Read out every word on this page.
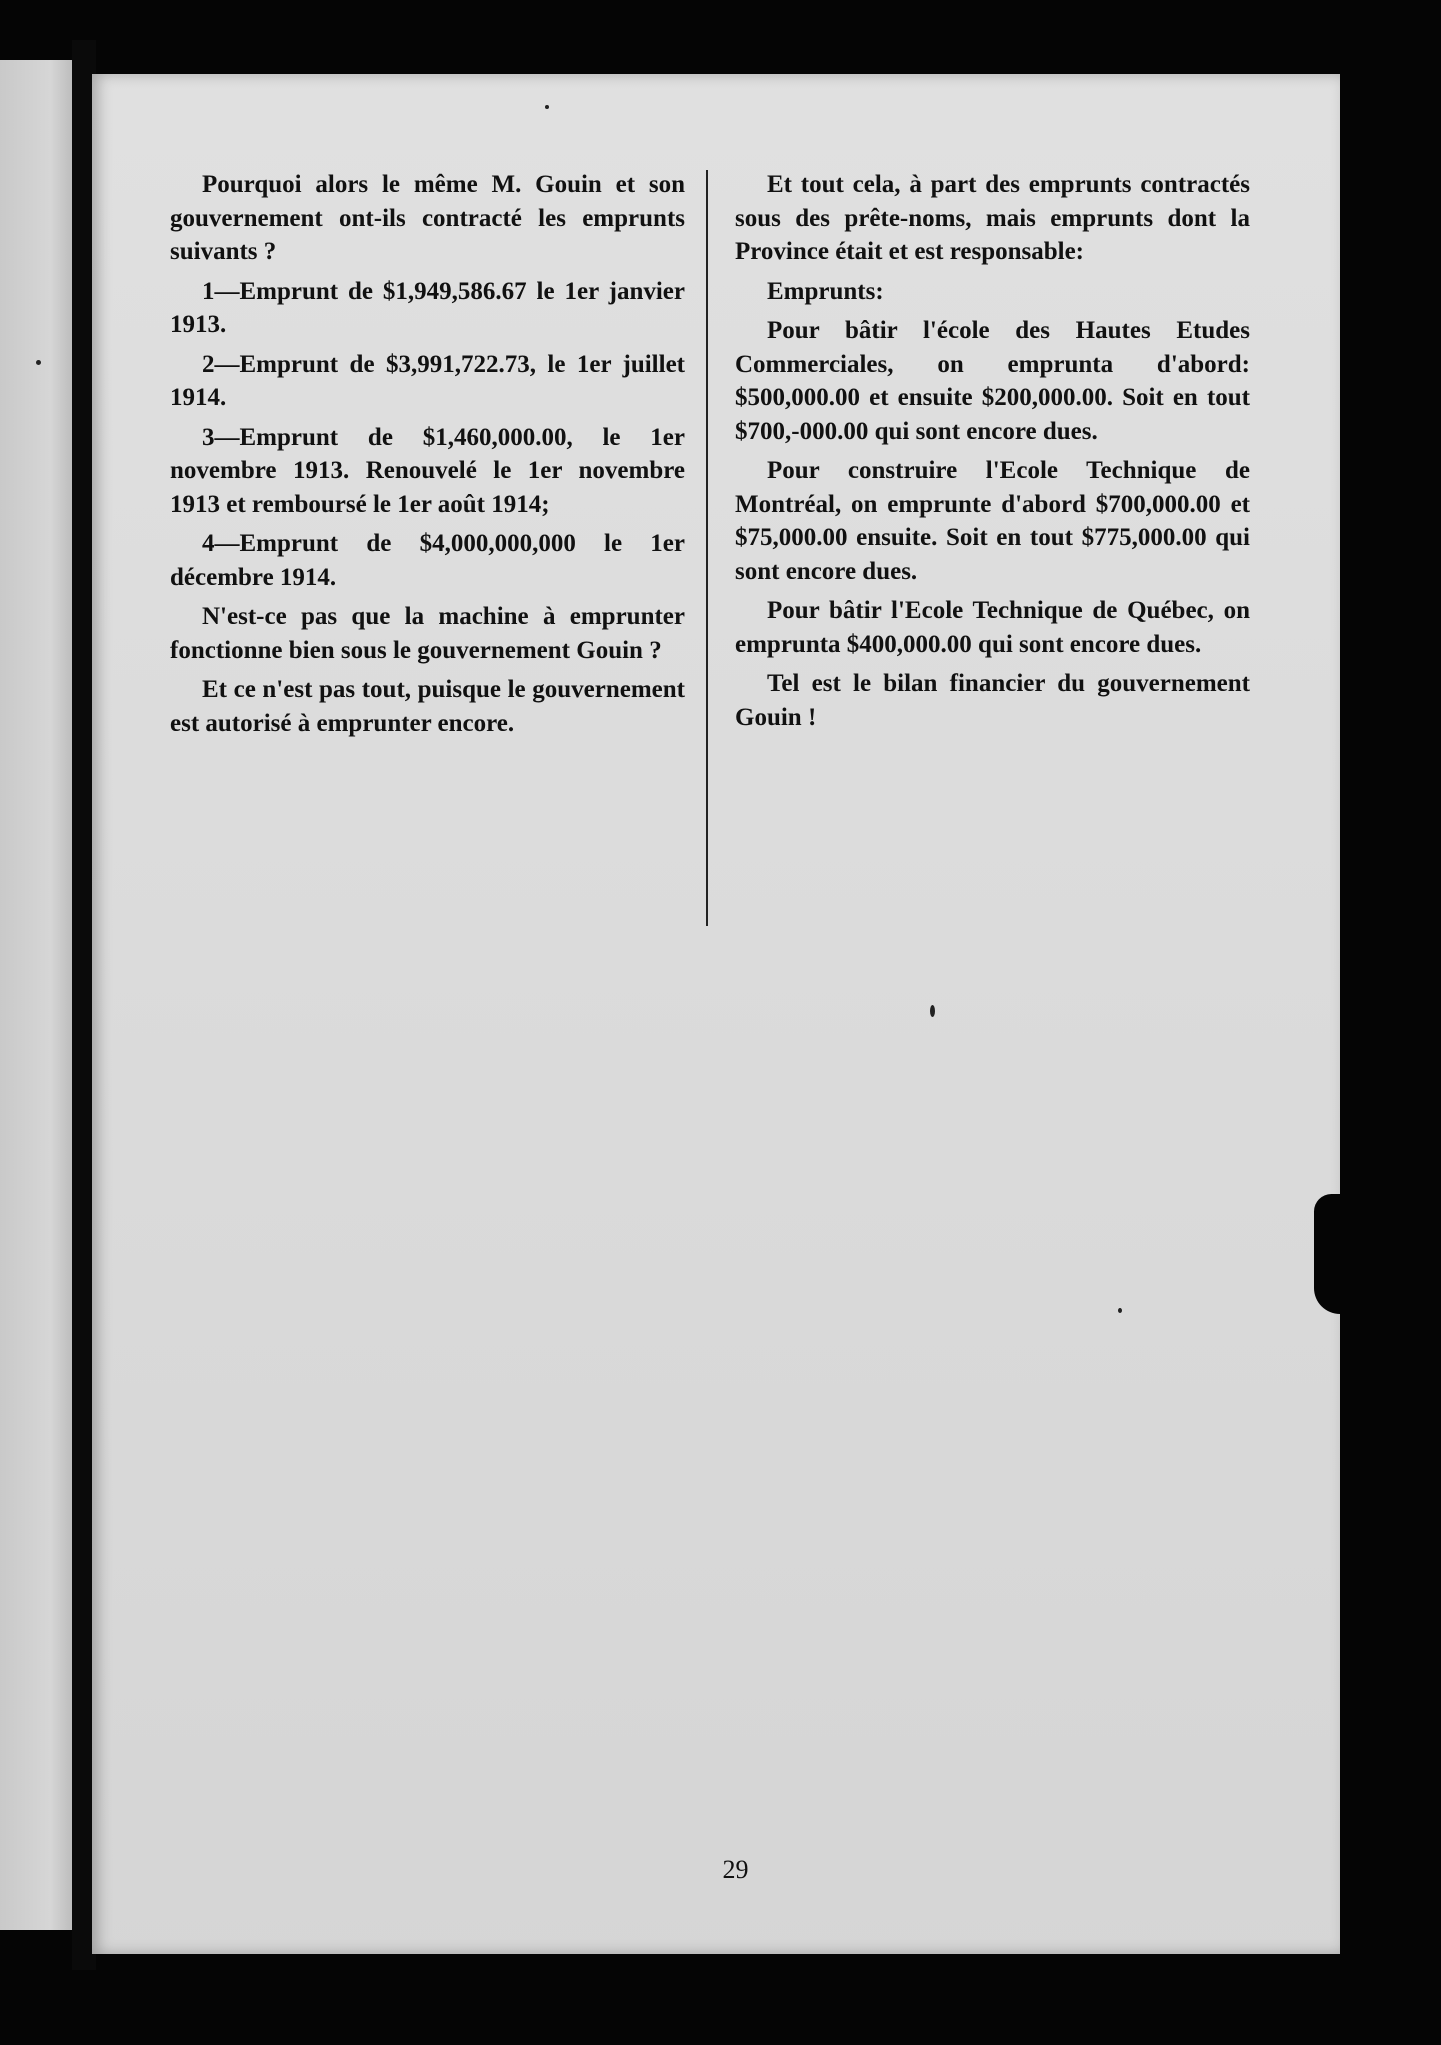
Pourquoi alors le même M. Gouin et son gouvernement ont-ils contracté les emprunts suivants ?

1—Emprunt de $1,949,586.67 le 1er janvier 1913.

2—Emprunt de $3,991,722.73, le 1er juillet 1914.

3—Emprunt de $1,460,000.00, le 1er novembre 1913. Renouvelé le 1er novembre 1913 et remboursé le 1er août 1914;

4—Emprunt de $4,000,000,000 le 1er décembre 1914.

N'est-ce pas que la machine à emprunter fonctionne bien sous le gouvernement Gouin ?

Et ce n'est pas tout, puisque le gouvernement est autorisé à emprunter encore.

Et tout cela, à part des emprunts contractés sous des prête-noms, mais emprunts dont la Province était et est responsable:

Emprunts:

Pour bâtir l'école des Hautes Etudes Commerciales, on emprunta d'abord: $500,000.00 et ensuite $200,000.00. Soit en tout $700,-000.00 qui sont encore dues.

Pour construire l'Ecole Technique de Montréal, on emprunte d'abord $700,000.00 et $75,000.00 ensuite. Soit en tout $775,000.00 qui sont encore dues.

Pour bâtir l'Ecole Technique de Québec, on emprunta $400,000.00 qui sont encore dues.

Tel est le bilan financier du gouvernement Gouin !

29
